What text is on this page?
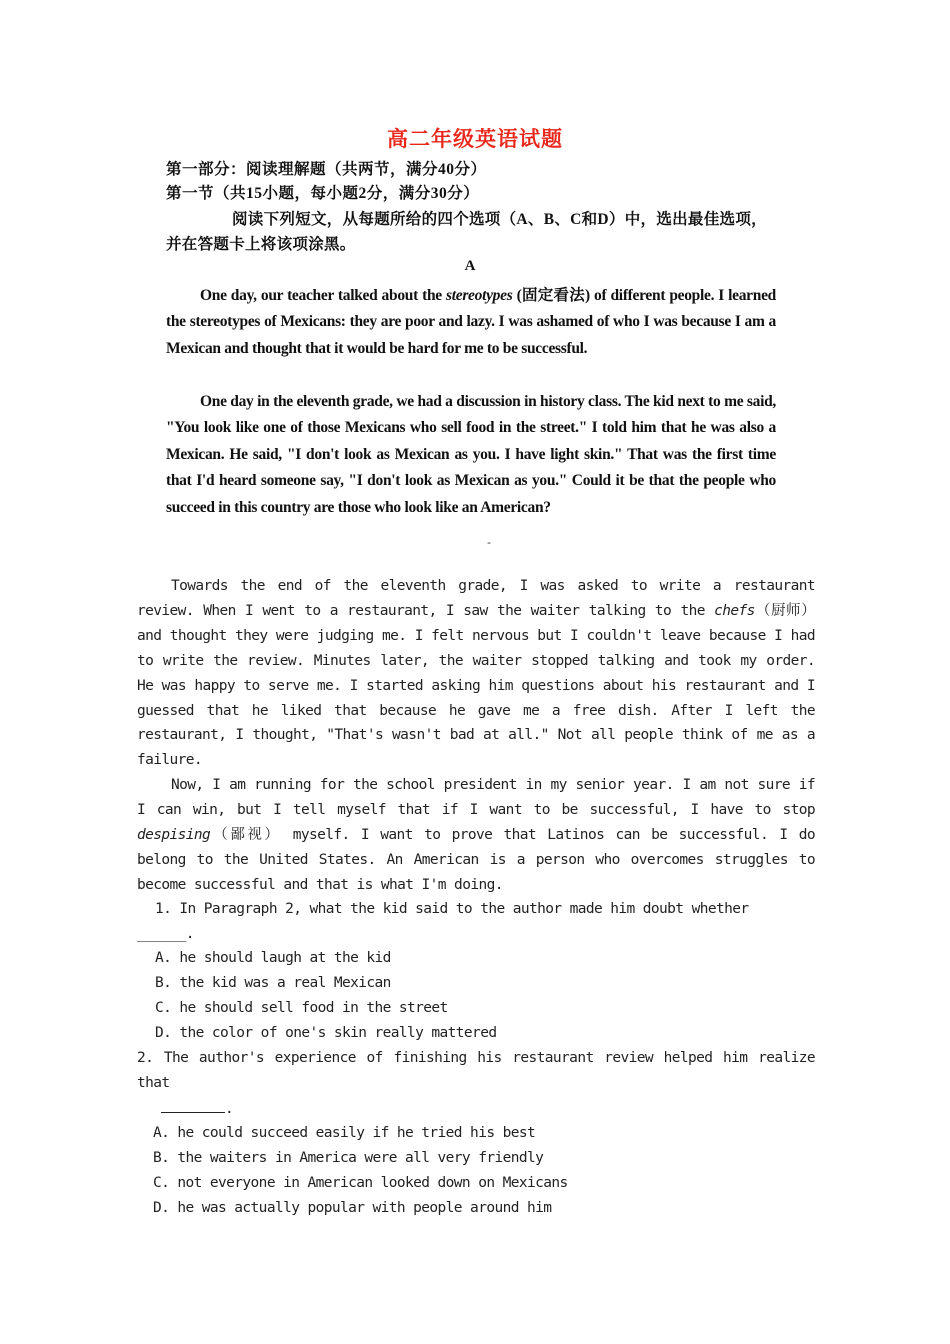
高二年级英语试题
第一部分：阅读理解题（共两节，满分40分）
第一节（共15小题，每小题2分，满分30分）
阅读下列短文，从每题所给的四个选项（A、B、C和D）中，选出最佳选项，
并在答题卡上将该项涂黑。
A
One day, our teacher talked about the stereotypes (固定看法) of different people. I learned the stereotypes of Mexicans: they are poor and lazy. I was ashamed of who I was because I am a Mexican and thought that it would be hard for me to be successful.
One day in the eleventh grade, we had a discussion in history class. The kid next to me said, "You look like one of those Mexicans who sell food in the street." I told him that he was also a Mexican. He said, "I don't look as Mexican as you. I have light skin." That was the first time that I'd heard someone say, "I don't look as Mexican as you." Could it be that the people who succeed in this country are those who look like an American?
-
Towards the end of the eleventh grade, I was asked to write a restaurant review. When I went to a restaurant, I saw the waiter talking to the chefs（厨师） and thought they were judging me. I felt nervous but I couldn't leave because I had to write the review. Minutes later, the waiter stopped talking and took my order. He was happy to serve me. I started asking him questions about his restaurant and I guessed that he liked that because he gave me a free dish. After I left the restaurant, I thought, "That's wasn't bad at all." Not all people think of me as a failure.
Now, I am running for the school president in my senior year. I am not sure if I can win, but I tell myself that if I want to be successful, I have to stop despising（鄙视） myself. I want to prove that Latinos can be successful. I do belong to the United States. An American is a person who overcomes struggles to become successful and that is what I'm doing.
1. In Paragraph 2, what the kid said to the author made him doubt whether
______.
A. he should laugh at the kid
B. the kid was a real Mexican
C. he should sell food in the street
D. the color of one's skin really mattered
2. The author's experience of finishing his restaurant review helped him realize that
.
A. he could succeed easily if he tried his best
B. the waiters in America were all very friendly
C. not everyone in American looked down on Mexicans
D. he was actually popular with people around him
